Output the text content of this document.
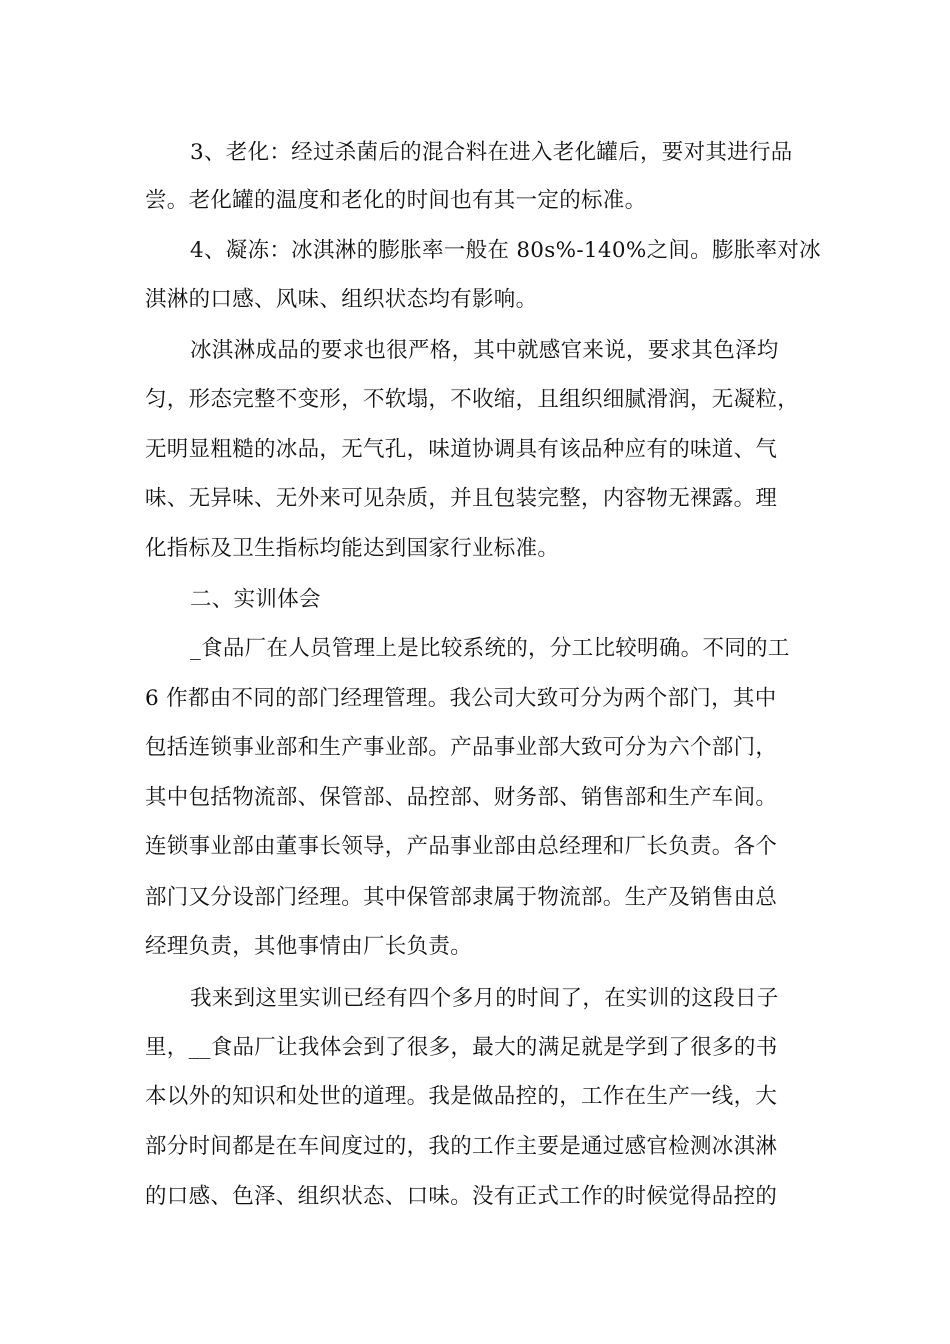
3、老化：经过杀菌后的混合料在进入老化罐后，要对其进行品
尝。老化罐的温度和老化的时间也有其一定的标准。
4、凝冻：冰淇淋的膨胀率一般在 80s%-140%之间。膨胀率对冰
淇淋的口感、风味、组织状态均有影响。
冰淇淋成品的要求也很严格，其中就感官来说，要求其色泽均
匀，形态完整不变形，不软塌，不收缩，且组织细腻滑润，无凝粒，
无明显粗糙的冰品，无气孔，味道协调具有该品种应有的味道、气
味、无异味、无外来可见杂质，并且包装完整，内容物无裸露。理
化指标及卫生指标均能达到国家行业标准。
二、实训体会
_食品厂在人员管理上是比较系统的，分工比较明确。不同的工
6 作都由不同的部门经理管理。我公司大致可分为两个部门，其中
包括连锁事业部和生产事业部。产品事业部大致可分为六个部门，
其中包括物流部、保管部、品控部、财务部、销售部和生产车间。
连锁事业部由董事长领导，产品事业部由总经理和厂长负责。各个
部门又分设部门经理。其中保管部隶属于物流部。生产及销售由总
经理负责，其他事情由厂长负责。
我来到这里实训已经有四个多月的时间了，在实训的这段日子
里，__食品厂让我体会到了很多，最大的满足就是学到了很多的书
本以外的知识和处世的道理。我是做品控的，工作在生产一线，大
部分时间都是在车间度过的，我的工作主要是通过感官检测冰淇淋
的口感、色泽、组织状态、口味。没有正式工作的时候觉得品控的
